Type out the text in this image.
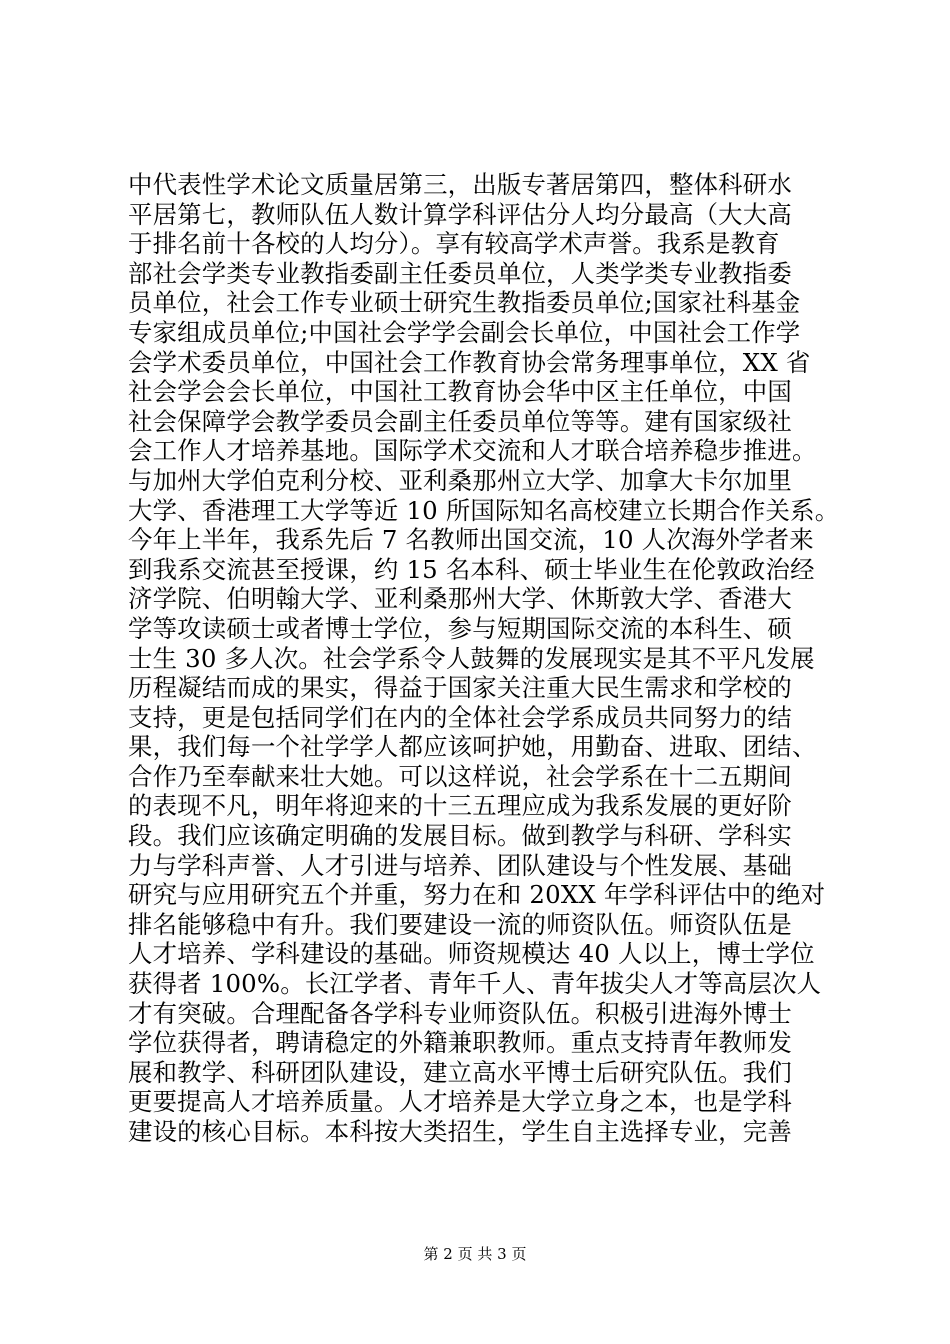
中代表性学术论文质量居第三，出版专著居第四，整体科研水
平居第七，教师队伍人数计算学科评估分人均分最高（大大高
于排名前十各校的人均分）。享有较高学术声誉。我系是教育
部社会学类专业教指委副主任委员单位，人类学类专业教指委
员单位，社会工作专业硕士研究生教指委员单位;国家社科基金
专家组成员单位;中国社会学学会副会长单位，中国社会工作学
会学术委员单位，中国社会工作教育协会常务理事单位，XX 省
社会学会会长单位，中国社工教育协会华中区主任单位，中国
社会保障学会教学委员会副主任委员单位等等。建有国家级社
会工作人才培养基地。国际学术交流和人才联合培养稳步推进。
与加州大学伯克利分校、亚利桑那州立大学、加拿大卡尔加里
大学、香港理工大学等近 10 所国际知名高校建立长期合作关系。
今年上半年，我系先后 7 名教师出国交流，10 人次海外学者来
到我系交流甚至授课，约 15 名本科、硕士毕业生在伦敦政治经
济学院、伯明翰大学、亚利桑那州大学、休斯敦大学、香港大
学等攻读硕士或者博士学位，参与短期国际交流的本科生、硕
士生 30 多人次。社会学系令人鼓舞的发展现实是其不平凡发展
历程凝结而成的果实，得益于国家关注重大民生需求和学校的
支持，更是包括同学们在内的全体社会学系成员共同努力的结
果，我们每一个社学学人都应该呵护她，用勤奋、进取、团结、
合作乃至奉献来壮大她。可以这样说，社会学系在十二五期间
的表现不凡，明年将迎来的十三五理应成为我系发展的更好阶
段。我们应该确定明确的发展目标。做到教学与科研、学科实
力与学科声誉、人才引进与培养、团队建设与个性发展、基础
研究与应用研究五个并重，努力在和 20XX 年学科评估中的绝对
排名能够稳中有升。我们要建设一流的师资队伍。师资队伍是
人才培养、学科建设的基础。师资规模达 40 人以上，博士学位
获得者 100%。长江学者、青年千人、青年拔尖人才等高层次人
才有突破。合理配备各学科专业师资队伍。积极引进海外博士
学位获得者，聘请稳定的外籍兼职教师。重点支持青年教师发
展和教学、科研团队建设，建立高水平博士后研究队伍。我们
更要提高人才培养质量。人才培养是大学立身之本，也是学科
建设的核心目标。本科按大类招生，学生自主选择专业，完善
第 2 页 共 3 页
